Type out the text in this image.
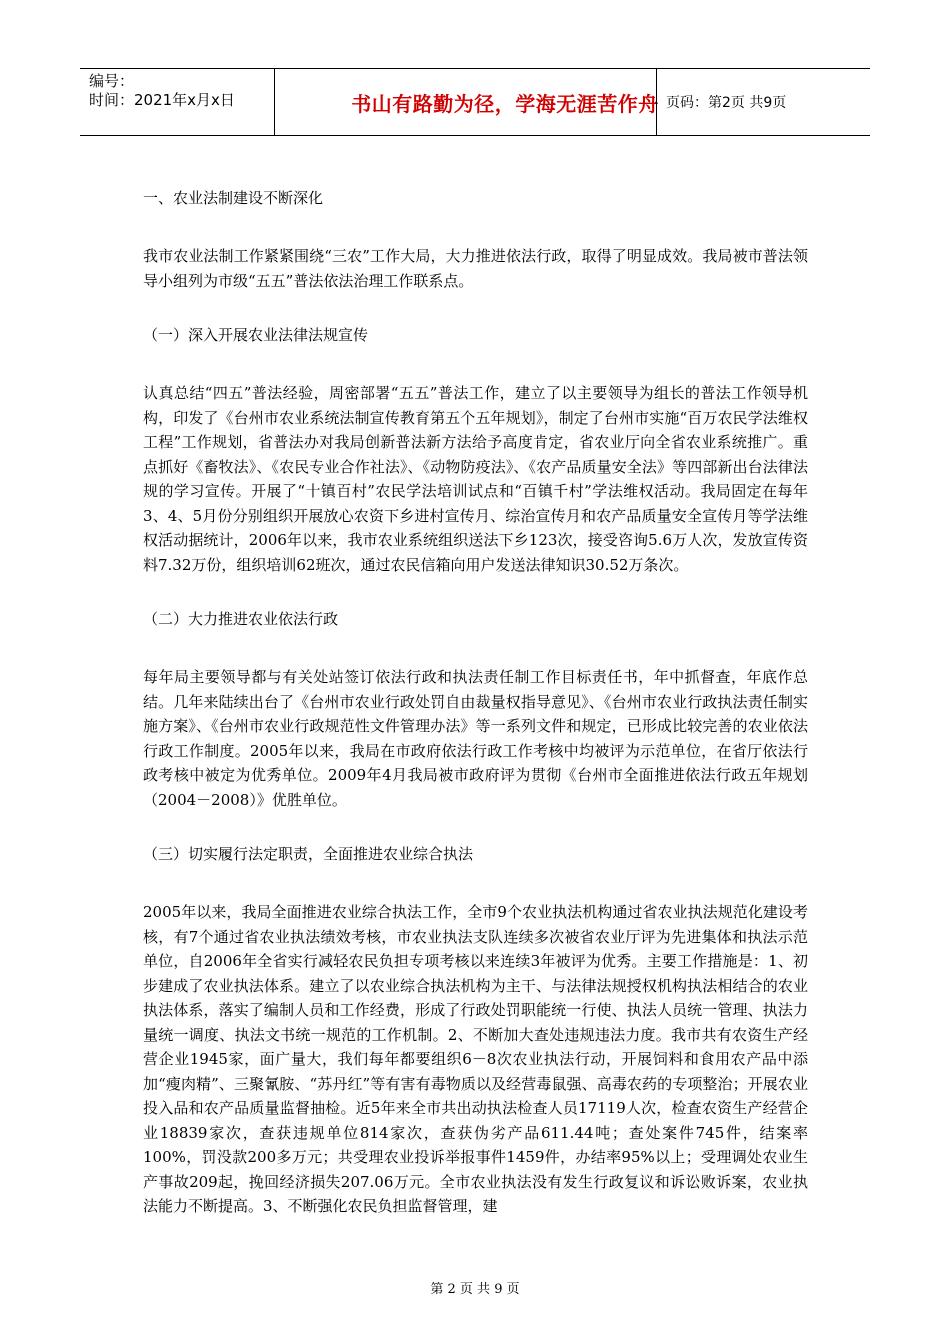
编号：
时间：2021年x月x日	书山有路勤为径，学海无涯苦作舟 页码：第2页 共9页
一、农业法制建设不断深化
我市农业法制工作紧紧围绕“三农”工作大局，大力推进依法行政，取得了明显成效。我局被市普法领导小组列为市级“五五”普法依法治理工作联系点。
（一）深入开展农业法律法规宣传
认真总结“四五”普法经验，周密部署“五五”普法工作，建立了以主要领导为组长的普法工作领导机构，印发了《台州市农业系统法制宣传教育第五个五年规划》，制定了台州市实施“百万农民学法维权工程”工作规划，省普法办对我局创新普法新方法给予高度肯定，省农业厅向全省农业系统推广。重点抓好《畜牧法》、《农民专业合作社法》、《动物防疫法》、《农产品质量安全法》等四部新出台法律法规的学习宣传。开展了“十镇百村”农民学法培训试点和“百镇千村”学法维权活动。我局固定在每年3、4、5月份分别组织开展放心农资下乡进村宣传月、综治宣传月和农产品质量安全宣传月等学法维权活动据统计，2006年以来，我市农业系统组织送法下乡123次，接受咨询5.6万人次，发放宣传资料7.32万份，组织培训62班次，通过农民信箱向用户发送法律知识30.52万条次。
（二）大力推进农业依法行政
每年局主要领导都与有关处站签订依法行政和执法责任制工作目标责任书，年中抓督查，年底作总结。几年来陆续出台了《台州市农业行政处罚自由裁量权指导意见》、《台州市农业行政执法责任制实施方案》、《台州市农业行政规范性文件管理办法》等一系列文件和规定，已形成比较完善的农业依法行政工作制度。2005年以来，我局在市政府依法行政工作考核中均被评为示范单位，在省厅依法行政考核中被定为优秀单位。2009年4月我局被市政府评为贯彻《台州市全面推进依法行政五年规划（2004－2008）》优胜单位。
（三）切实履行法定职责，全面推进农业综合执法
2005年以来，我局全面推进农业综合执法工作，全市9个农业执法机构通过省农业执法规范化建设考核，有7个通过省农业执法绩效考核，市农业执法支队连续多次被省农业厅评为先进集体和执法示范单位，自2006年全省实行减轻农民负担专项考核以来连续3年被评为优秀。主要工作措施是：1、初步建成了农业执法体系。建立了以农业综合执法机构为主干、与法律法规授权机构执法相结合的农业执法体系，落实了编制人员和工作经费，形成了行政处罚职能统一行使、执法人员统一管理、执法力量统一调度、执法文书统一规范的工作机制。2、不断加大查处违规违法力度。我市共有农资生产经营企业1945家，面广量大，我们每年都要组织6－8次农业执法行动，开展饲料和食用农产品中添加“瘦肉精”、三聚氰胺、“苏丹红”等有害有毒物质以及经营毒鼠强、高毒农药的专项整治；开展农业投入品和农产品质量监督抽检。近5年来全市共出动执法检查人员17119人次，检查农资生产经营企业18839家次，查获违规单位814家次，查获伪劣产品611.44吨；查处案件745件，结案率100%，罚没款200多万元；共受理农业投诉举报事件1459件，办结率95%以上；受理调处农业生产事故209起，挽回经济损失207.06万元。全市农业执法没有发生行政复议和诉讼败诉案，农业执法能力不断提高。3、不断强化农民负担监督管理，建
第 2 页 共 9 页
